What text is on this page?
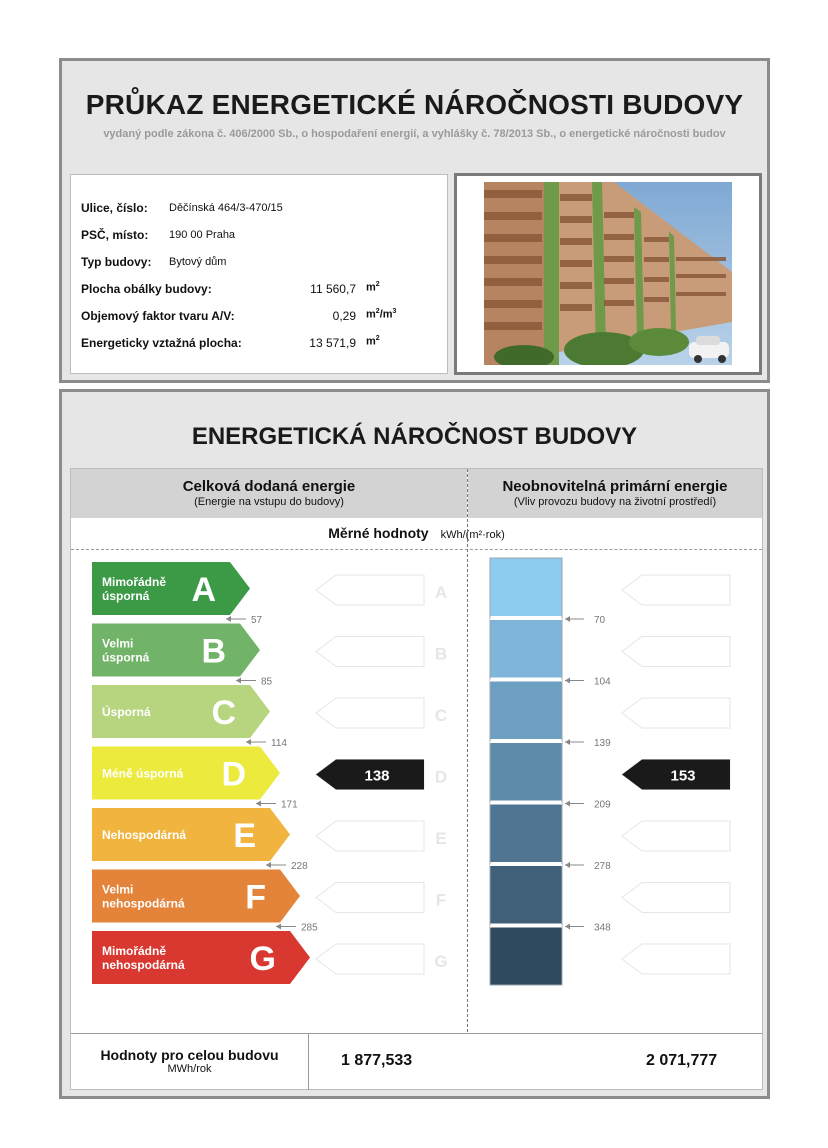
PRŮKAZ ENERGETICKÉ NÁROČNOSTI BUDOVY
vydaný podle zákona č. 406/2000 Sb., o hospodaření energií, a vyhlášky č. 78/2013 Sb., o energetické náročnosti budov
Ulice, číslo: Děčínská 464/3-470/15
PSČ, místo: 190 00 Praha
Typ budovy: Bytový dům
Plocha obálky budovy:	11 560,7 $m^2$
Objemový faktor tvaru A/V:	0,29 $m^2/m^3$
Energeticky vztažná plocha:	13 571,9 $m^2$
ENERGETICKÁ NÁROČNOST BUDOVY
Celková dodaná energie
(Energie na vstupu do budovy)
Neobnovitelná primární energie
(Vliv provozu budovy na životní prostředí)
Měrné hodnoty kWh/(m²·rok)
Mimořádně
úsporná A	A
Velmi
úsporná B	B
Úsporná C	C
Méně úsporná D	D
Nehospodárná E	E
Velmi
nehospodárná F	F
Mimořádně
nehospodárná G	G
57
85
114
171
228
285
70
104
139
209
278
348
138	153
Hodnoty pro celou budovu
MWh/rok	1 877,533	2 071,777
